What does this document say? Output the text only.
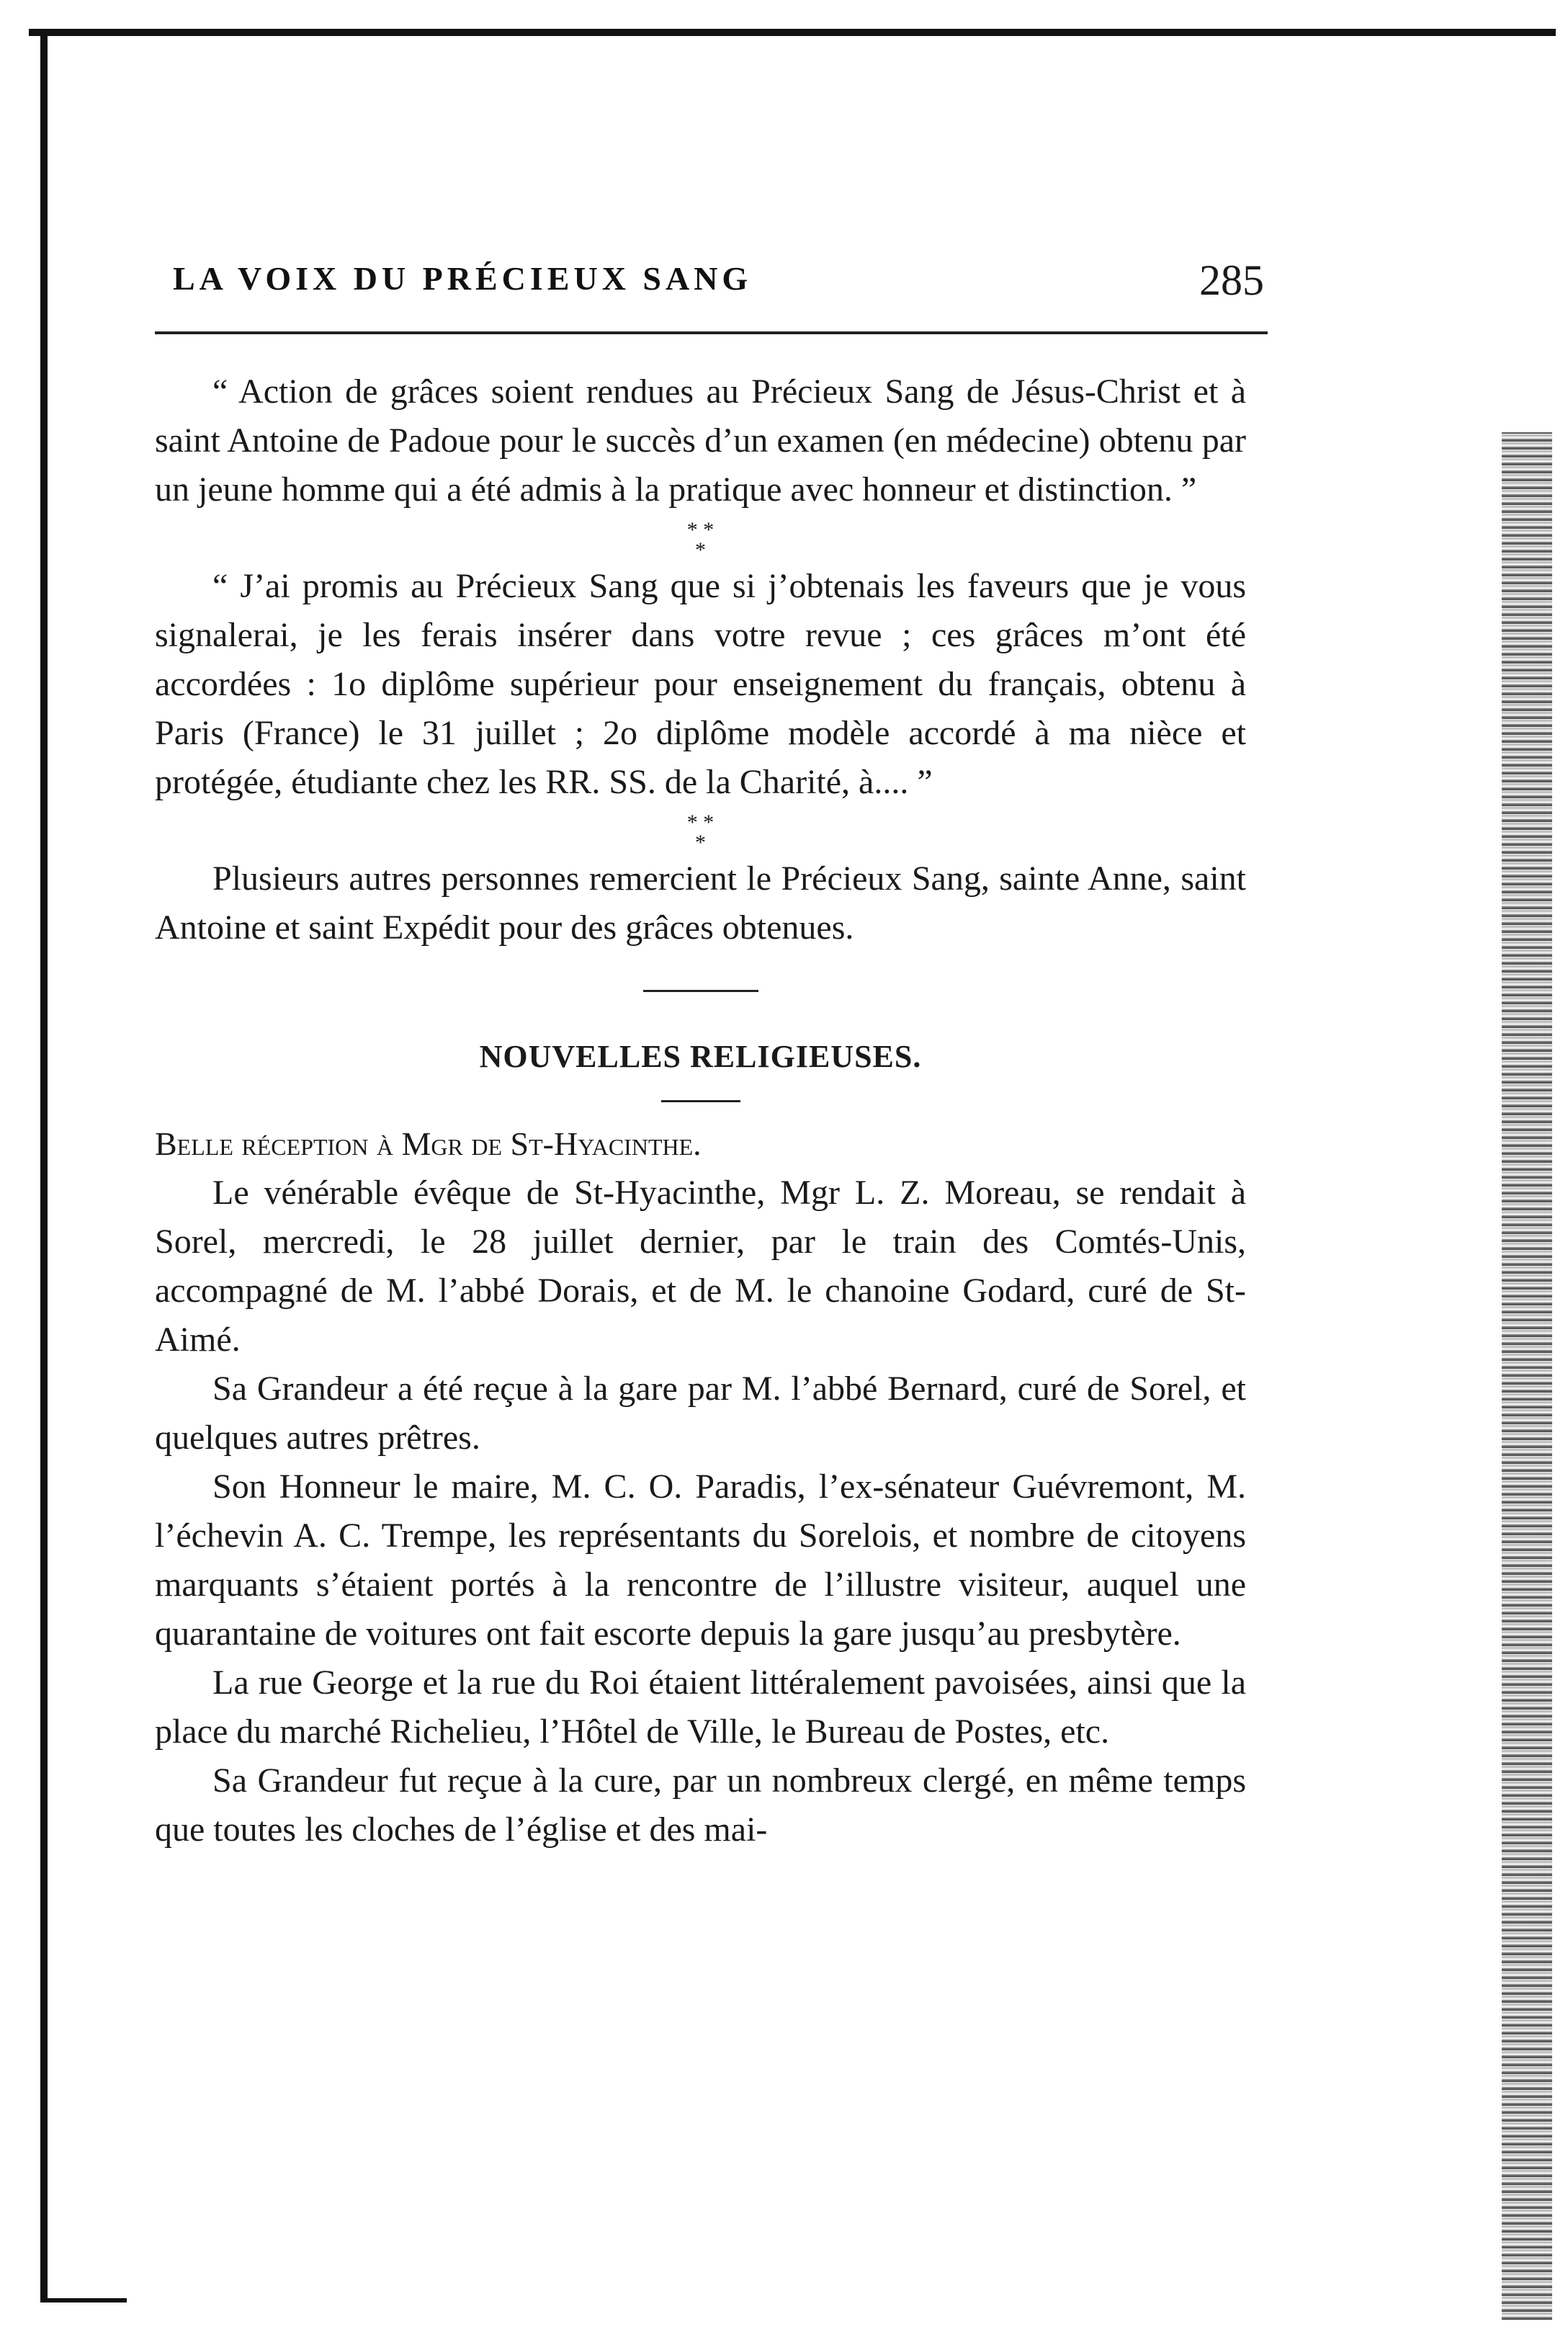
LA VOIX DU PRÉCIEUX SANG	285

“ Action de grâces soient rendues au Précieux Sang de Jésus-Christ et à saint Antoine de Padoue pour le succès d’un examen (en médecine) obtenu par un jeune homme qui a été admis à la pratique avec honneur et distinction. ”

* *
*

“ J’ai promis au Précieux Sang que si j’obtenais les faveurs que je vous signalerai, je les ferais insérer dans votre revue ; ces grâces m’ont été accordées : 1o diplôme supérieur pour enseignement du français, obtenu à Paris (France) le 31 juillet ; 2o diplôme modèle accordé à ma nièce et protégée, étudiante chez les RR. SS. de la Charité, à.... ”

* *
*

Plusieurs autres personnes remercient le Précieux Sang, sainte Anne, saint Antoine et saint Expédit pour des grâces obtenues.

NOUVELLES RELIGIEUSES.

Belle réception à Mgr de St-Hyacinthe.

Le vénérable évêque de St-Hyacinthe, Mgr L. Z. Moreau, se rendait à Sorel, mercredi, le 28 juillet dernier, par le train des Comtés-Unis, accompagné de M. l’abbé Dorais, et de M. le chanoine Godard, curé de St-Aimé.

Sa Grandeur a été reçue à la gare par M. l’abbé Bernard, curé de Sorel, et quelques autres prêtres.

Son Honneur le maire, M. C. O. Paradis, l’ex-sénateur Guévremont, M. l’échevin A. C. Trempe, les représentants du Sorelois, et nombre de citoyens marquants s’étaient portés à la rencontre de l’illustre visiteur, auquel une quarantaine de voitures ont fait escorte depuis la gare jusqu’au presbytère.

La rue George et la rue du Roi étaient littéralement pavoisées, ainsi que la place du marché Richelieu, l’Hôtel de Ville, le Bureau de Postes, etc.

Sa Grandeur fut reçue à la cure, par un nombreux clergé, en même temps que toutes les cloches de l’église et des mai-
